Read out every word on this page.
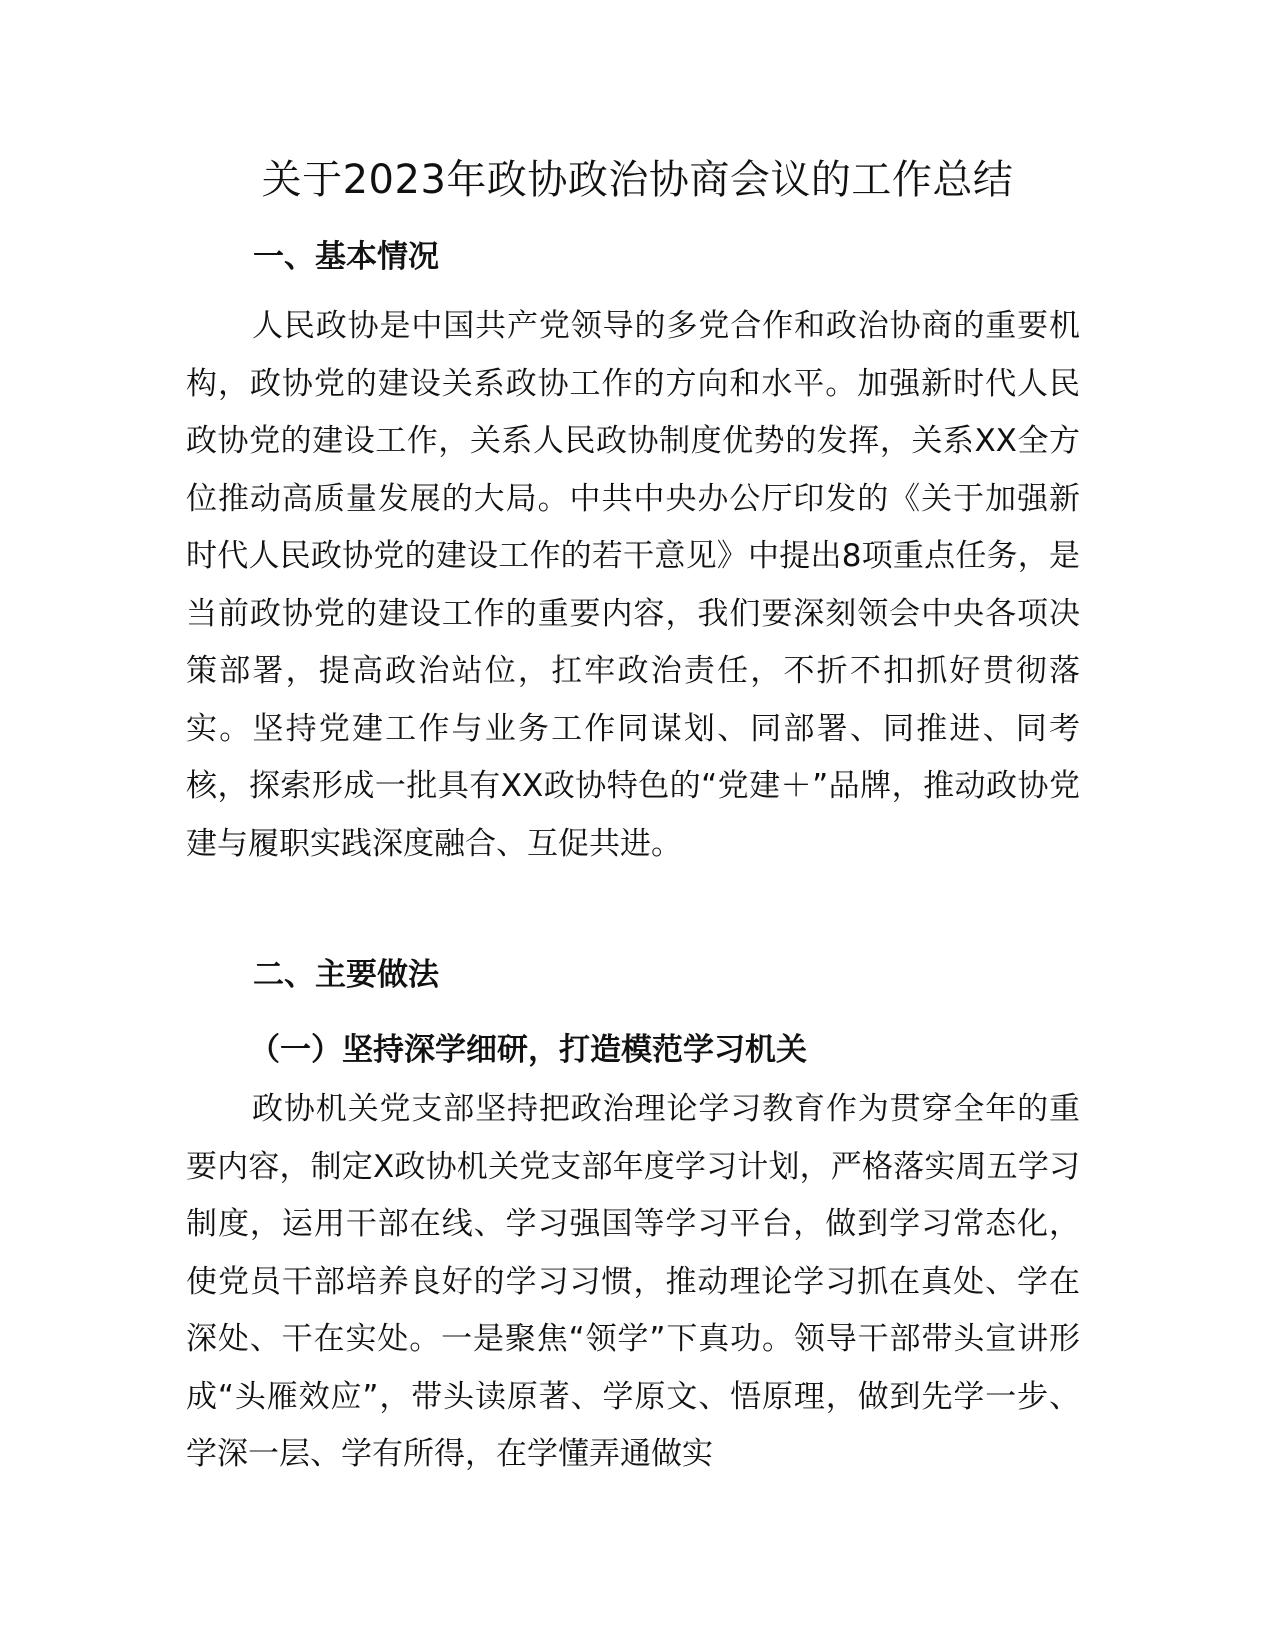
关于2023年政协政治协商会议的工作总结
一、基本情况

人民政协是中国共产党领导的多党合作和政治协商的重要机构，政协党的建设关系政协工作的方向和水平。加强新时代人民政协党的建设工作，关系人民政协制度优势的发挥，关系XX全方位推动高质量发展的大局。中共中央办公厅印发的《关于加强新时代人民政协党的建设工作的若干意见》中提出8项重点任务，是当前政协党的建设工作的重要内容，我们要深刻领会中央各项决策部署，提高政治站位，扛牢政治责任，不折不扣抓好贯彻落实。坚持党建工作与业务工作同谋划、同部署、同推进、同考核，探索形成一批具有XX政协特色的“党建＋”品牌，推动政协党建与履职实践深度融合、互促共进。

二、主要做法
（一）坚持深学细研，打造模范学习机关

政协机关党支部坚持把政治理论学习教育作为贯穿全年的重要内容，制定X政协机关党支部年度学习计划，严格落实周五学习制度，运用干部在线、学习强国等学习平台，做到学习常态化，使党员干部培养良好的学习习惯，推动理论学习抓在真处、学在深处、干在实处。一是聚焦“领学”下真功。领导干部带头宣讲形成“头雁效应”，带头读原著、学原文、悟原理，做到先学一步、学深一层、学有所得，在学懂弄通做实
